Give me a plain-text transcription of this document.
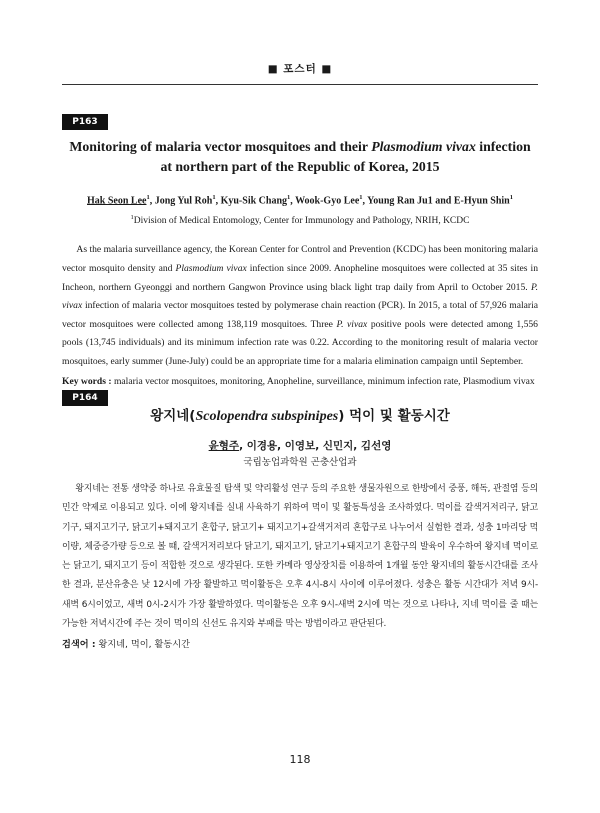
■ 포스터 ■
P163
Monitoring of malaria vector mosquitoes and their Plasmodium vivax infection at northern part of the Republic of Korea, 2015
Hak Seon Lee$^1$, Jong Yul Roh$^1$, Kyu-Sik Chang$^1$, Wook-Gyo Lee$^1$, Young Ran Ju1 and E-Hyun Shin$^1$
$^1$Division of Medical Entomology, Center for Immunology and Pathology, NRIH, KCDC

As the malaria surveillance agency, the Korean Center for Control and Prevention (KCDC) has been monitoring malaria vector mosquito density and Plasmodium vivax infection since 2009. Anopheline mosquitoes were collected at 35 sites in Incheon, northern Gyeonggi and northern Gangwon Province using black light trap daily from April to October 2015. P. vivax infection of malaria vector mosquitoes tested by polymerase chain reaction (PCR). In 2015, a total of 57,926 malaria vector mosquitoes were collected among 138,119 mosquitoes. Three P. vivax positive pools were detected among 1,556 pools (13,745 individuals) and its minimum infection rate was 0.22. According to the monitoring result of malaria vector mosquitoes, early summer (June-July) could be an appropriate time for a malaria elimination campaign until September.

Key words : malaria vector mosquitoes, monitoring, Anopheline, surveillance, minimum infection rate, Plasmodium vivax
P164
왕지네(Scolopendra subspinipes) 먹이 및 활동시간
윤형주, 이경용, 이영보, 신민지, 김선영
국립농업과학원 곤충산업과

왕지네는 전통 생약중 하나로 유효물질 탐색 및 약리활성 연구 등의 주요한 생물자원으로 한방에서 중풍, 해독, 관절염 등의 민간 약제로 이용되고 있다. 이에 왕지네를 실내 사육하기 위하여 먹이 및 활동특성을 조사하였다. 먹이를 갈색거저리구, 닭고기구, 돼지고기구, 닭고기+돼지고기 혼합구, 닭고기+ 돼지고기+갈색거저리 혼합구로 나누어서 실험한 결과, 성충 1마리당 먹이량, 체중증가량 등으로 볼 때, 갈색거저리보다 닭고기, 돼지고기, 닭고기+돼지고기 혼합구의 발육이 우수하여 왕지네 먹이로는 닭고기, 돼지고기 등이 적합한 것으로 생각된다. 또한 카메라 영상장치를 이용하여 1개월 동안 왕지네의 활동시간대를 조사한 결과, 분산유충은 낮 12시에 가장 활발하고 먹이활동은 오후 4시-8시 사이에 이루어졌다. 성충은 활동 시간대가 저녁 9시-새벽 6시이었고, 새벽 0시-2시가 가장 활발하였다. 먹이활동은 오후 9시-새벽 2시에 먹는 것으로 나타나, 지네 먹이를 줄 때는 가능한 저녁시간에 주는 것이 먹이의 신선도 유지와 부패를 막는 방법이라고 판단된다.

검색어 : 왕지네, 먹이, 활동시간
118
